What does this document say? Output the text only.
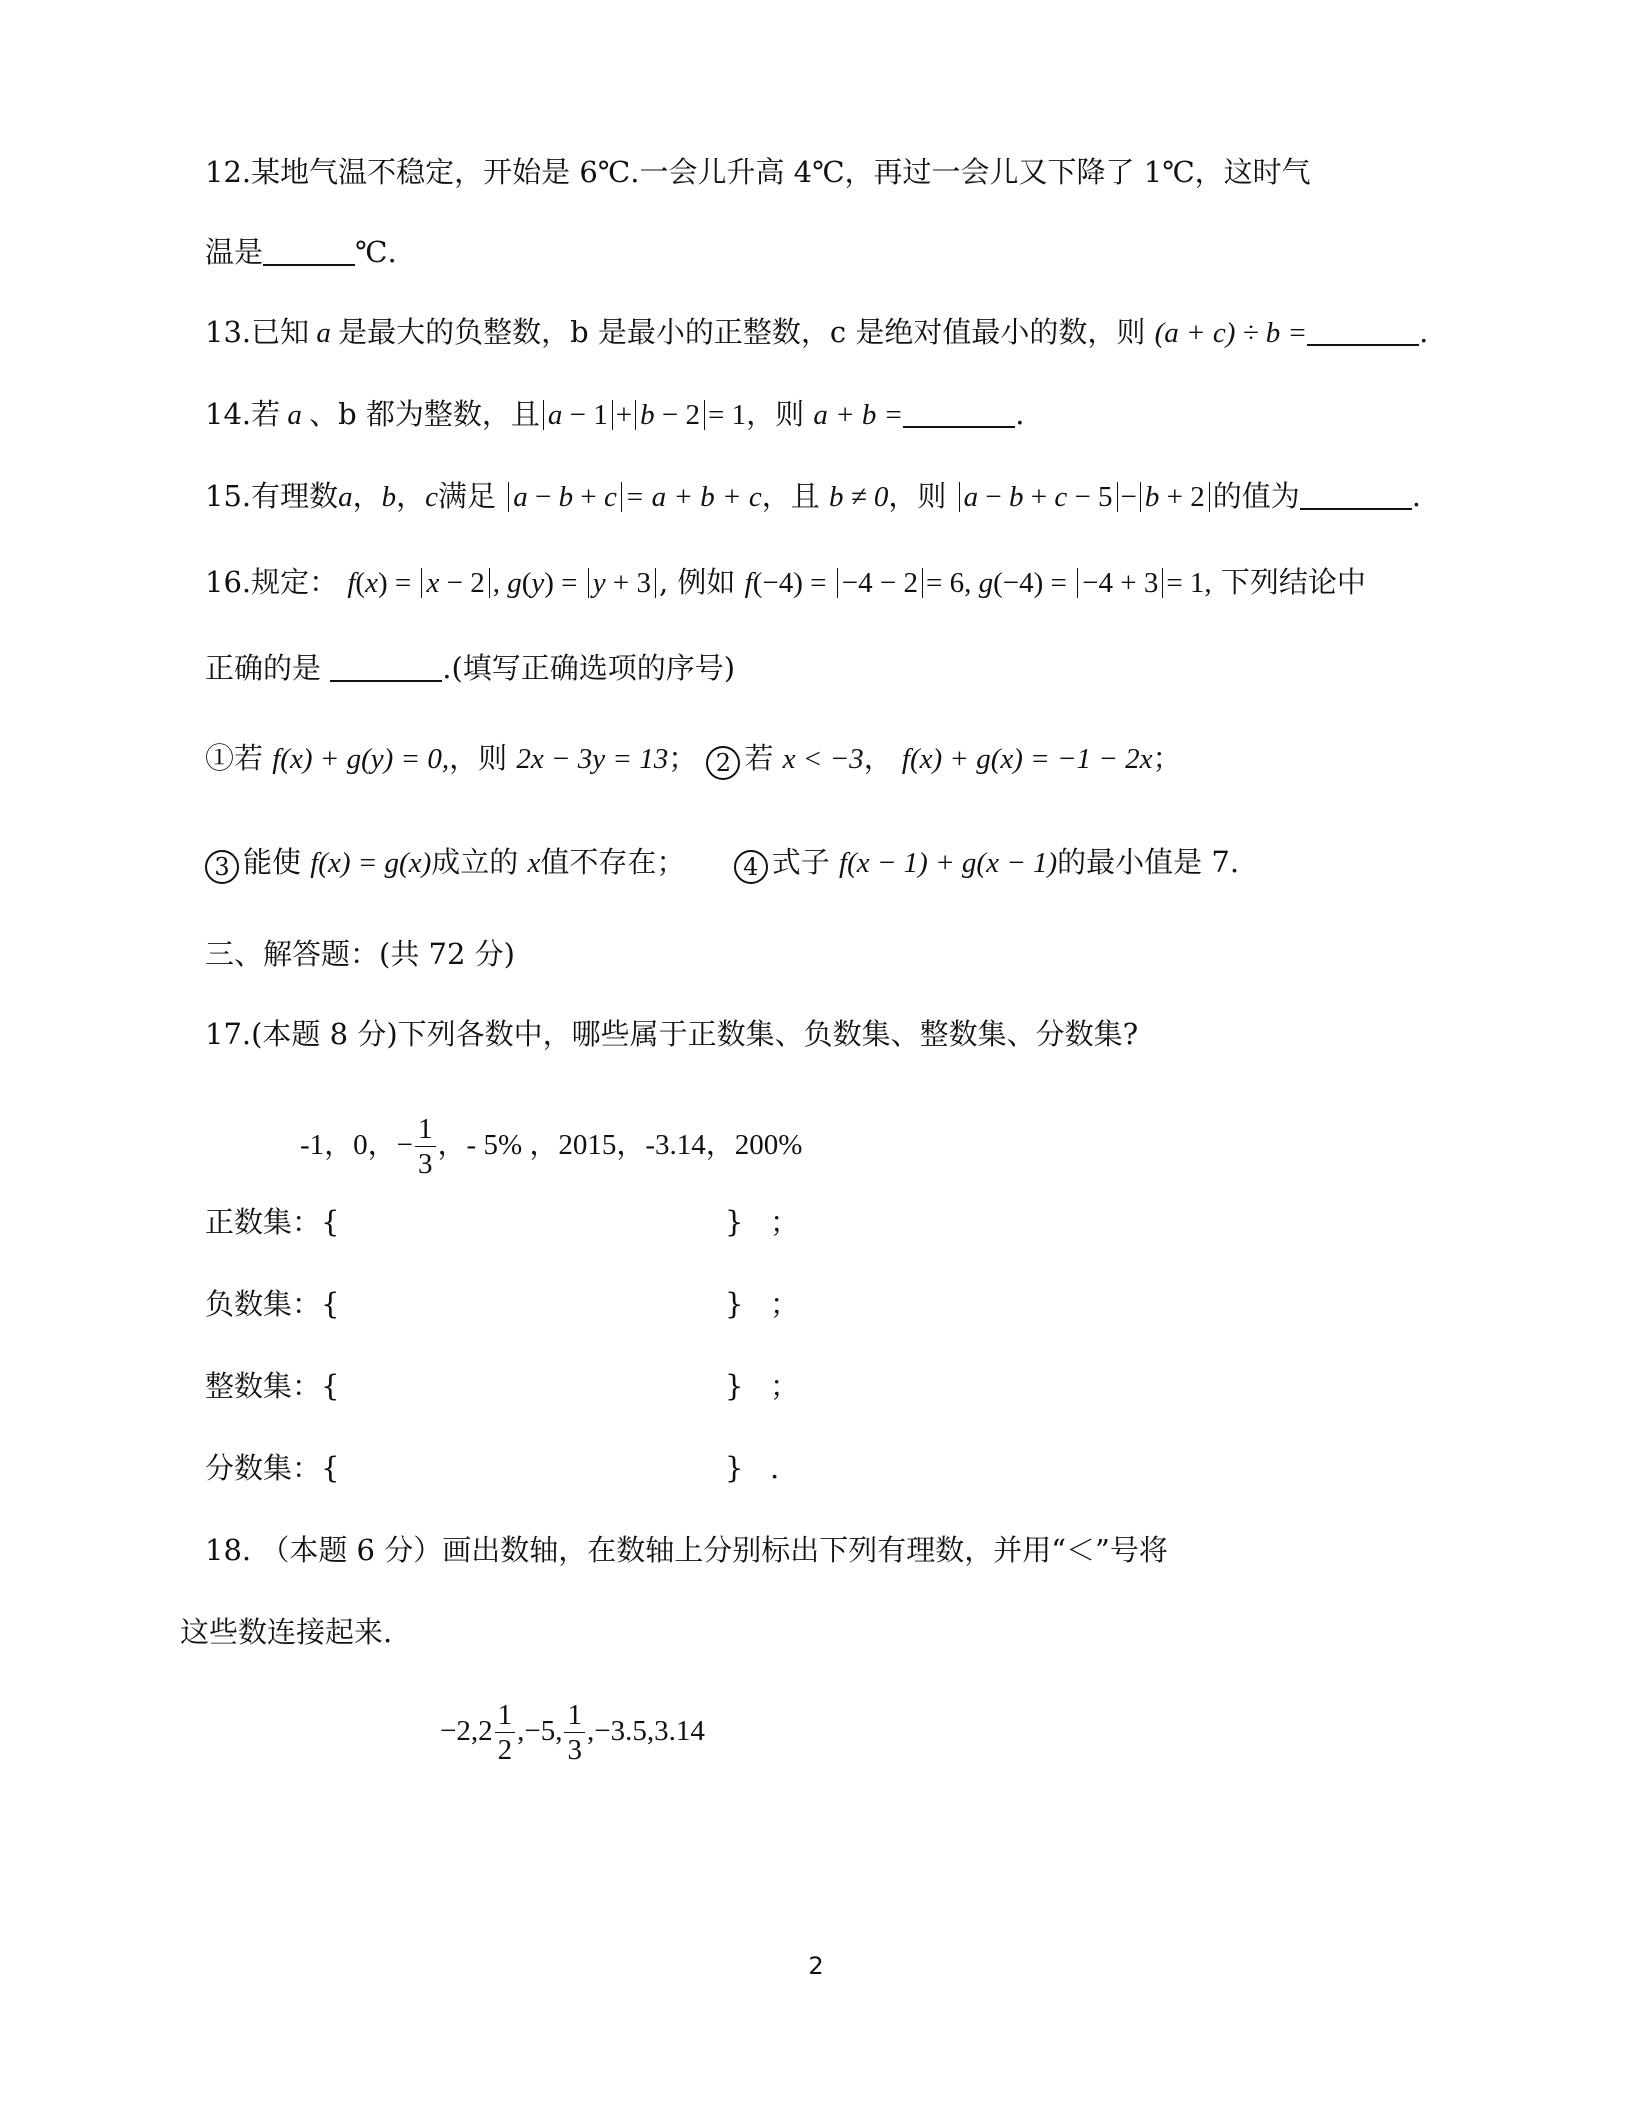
12.某地气温不稳定，开始是 6℃.一会儿升高 4℃，再过一会儿又下降了 1℃，这时气
温是	℃.
13.已知 a 是最大的负整数，b 是最小的正整数，c 是绝对值最小的数，则 (a + c) ÷ b =	.
14.若 a 、b 都为整数，且 a − 1 + b − 2 = 1，则 a + b =	.
15.有理数a，b，c满足 a − b + c = a + b + c，且 b ≠ 0，则 a − b + c − 5 − b + 2 的值为	.
16.规定： f(x) = x − 2 , g(y) = y + 3 , 例如 f(−4) = −4 − 2 = 6, g(−4) = −4 + 3 = 1, 下列结论中
正确的是	.(填写正确选项的序号)
①若 f(x) + g(y) = 0,，则 2x − 3y = 13； 2 若 x < −3， f(x) + g(x) = −1 − 2x；
3 能使 f(x) = g(x)成立的 x值不存在； 4 式子 f(x − 1) + g(x − 1)的最小值是 7.
三、解答题：(共 72 分)
17.(本题 8 分)下列各数中，哪些属于正数集、负数集、整数集、分数集?
-1，0，− $\frac{1}{3}$ ，- 5% ，2015，-3.14，200%
正数集：{	} ；
负数集：{	} ；
整数集：{	} ；
分数集：{	} .
18. （本题 6 分）画出数轴，在数轴上分别标出下列有理数，并用“＜”号将
这些数连接起来.
$-2,2 \frac{1}{2} ,-5$, $\frac{1}{3} ,-3.5,3.14$
2
